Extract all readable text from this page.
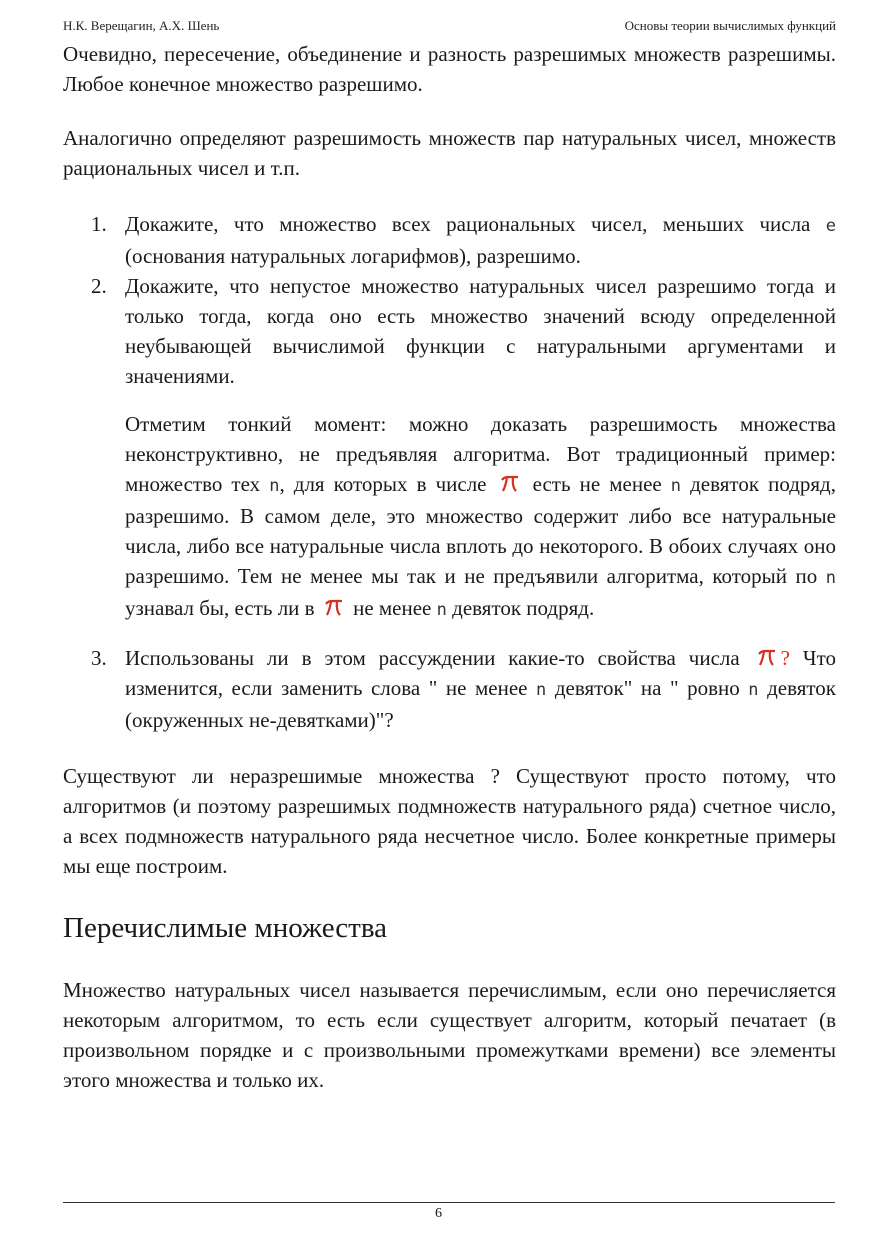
Н.К. Верещагин, А.Х. Шень	Основы теории вычислимых функций

Очевидно, пересечение, объединение и разность разрешимых множеств разрешимы. Любое конечное множество разрешимо.

Аналогично определяют разрешимость множеств пар натуральных чисел, множеств рациональных чисел и т.п.

1. Докажите, что множество всех рациональных чисел, меньших числа e (основания натуральных логарифмов), разрешимо.

2. Докажите, что непустое множество натуральных чисел разрешимо тогда и только тогда, когда оно есть множество значений всюду определенной неубывающей вычислимой функции с натуральными аргументами и значениями.

Отметим тонкий момент: можно доказать разрешимость множества неконструктивно, не предъявляя алгоритма. Вот традиционный пример: множество тех n, для которых в числе  есть не менее n девяток подряд, разрешимо. В самом деле, это множество содержит либо все натуральные числа, либо все натуральные числа вплоть до некоторого. В обоих случаях оно разрешимо. Тем не менее мы так и не предъявили алгоритма, который по n узнавал бы, есть ли в  не менее n девяток подряд.

3. Использованы ли в этом рассуждении какие-то свойства числа ? Что изменится, если заменить слова " не менее n девяток" на " ровно n девяток (окруженных не-девятками)"?

Существуют ли неразрешимые множества ? Существуют просто потому, что алгоритмов (и поэтому разрешимых подмножеств натурального ряда) счетное число, а всех подмножеств натурального ряда несчетное число. Более конкретные примеры мы еще построим.

Перечислимые множества

Множество натуральных чисел называется перечислимым, если оно перечисляется некоторым алгоритмом, то есть если существует алгоритм, который печатает (в произвольном порядке и с произвольными промежутками времени) все элементы этого множества и только их.

6
